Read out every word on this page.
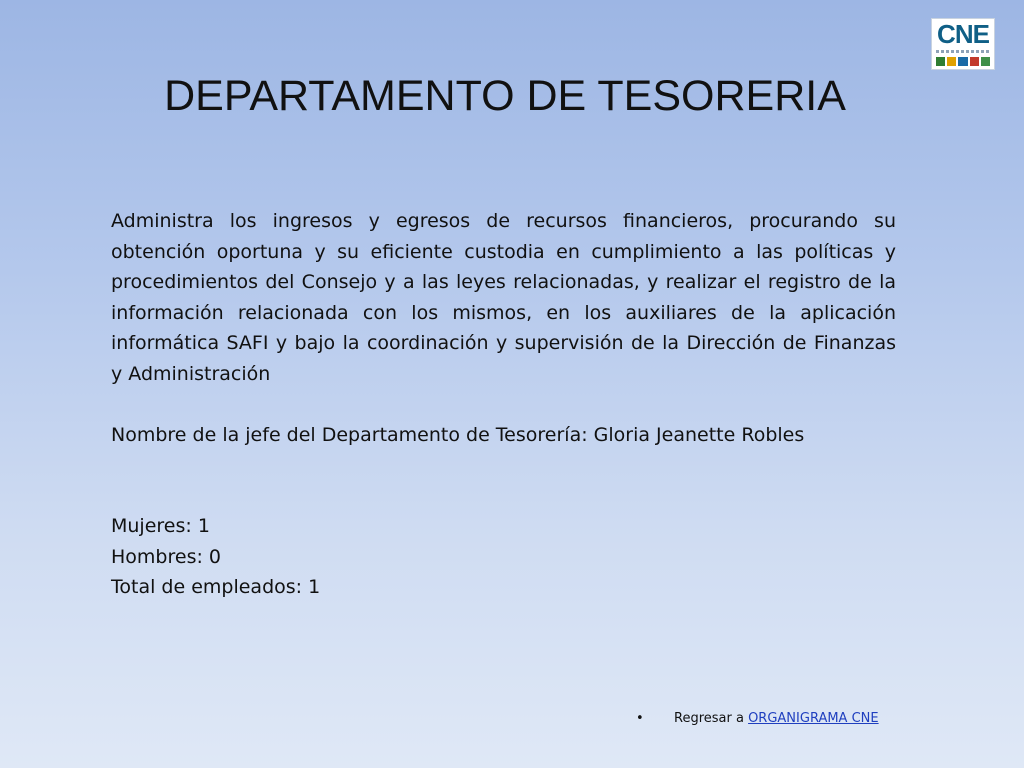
CNE
DEPARTAMENTO DE TESORERIA

Administra los ingresos y egresos de recursos financieros, procurando su obtención oportuna y su eficiente custodia en cumplimiento a las políticas y procedimientos del Consejo y a las leyes relacionadas, y realizar el registro de la información relacionada con los mismos, en los auxiliares de la aplicación informática SAFI y bajo la coordinación y supervisión de la Dirección de Finanzas y Administración

Nombre de la jefe del Departamento de Tesorería: Gloria Jeanette Robles

Mujeres: 1
Hombres: 0
Total de empleados: 1
• Regresar a ORGANIGRAMA CNE
